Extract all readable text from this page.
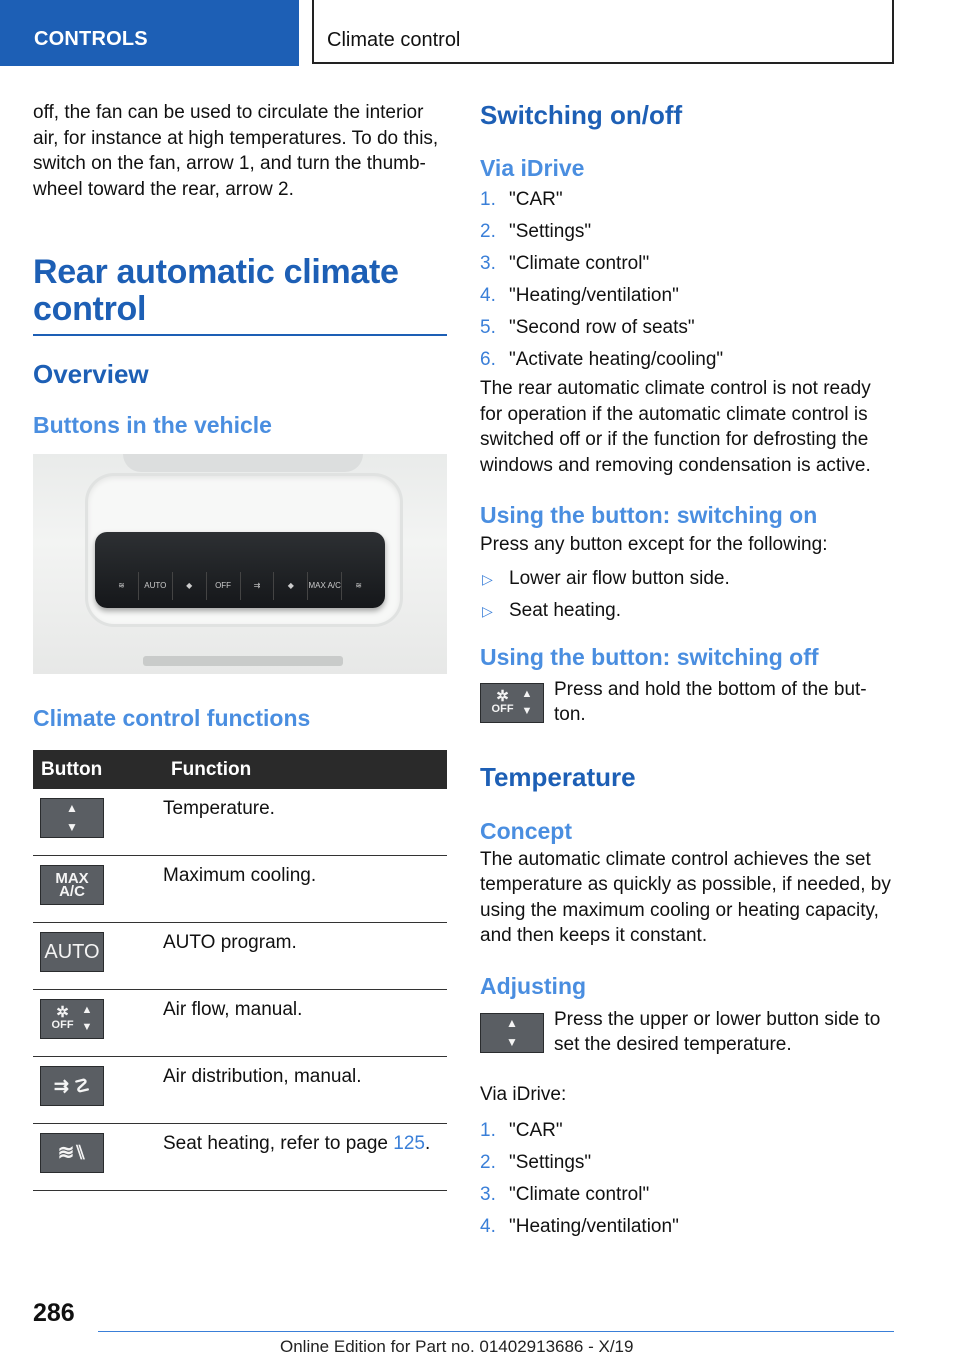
CONTROLS	Climate control

off, the fan can be used to circulate the interior air, for instance at high temperatures. To do this, switch on the fan, arrow 1, and turn the thumb‐wheel toward the rear, arrow 2.

Rear automatic climate control
Overview
Buttons in the vehicle
≋	AUTO	◆	OFF	⇉	◆	MAX A/C	≋
Climate control functions
Button	Function

▲
▼	Temperature.

MAX
A/C	Maximum cooling.

AUTO	AUTO program.

✲
OFF
▲
▼	Air flow, manual.

⇉ ☡	Air distribution, manual.

≋⑊	Seat heating, refer to page 125.
Switching on/off
Via iDrive
1. "CAR"
2. "Settings"
3. "Climate control"
4. "Heating/ventilation"
5. "Second row of seats"
6. "Activate heating/cooling"

The rear automatic climate control is not ready for operation if the automatic climate control is switched off or if the function for defrosting the windows and removing condensation is active.

Using the button: switching on

Press any button except for the following:

▷ Lower air flow button side.
▷ Seat heating.
Using the button: switching off
✲
OFF
▲
▼

Press and hold the bottom of the but‐ton.

Temperature
Concept

The automatic climate control achieves the set temperature as quickly as possible, if needed, by using the maximum cooling or heating capacity, and then keeps it constant.

Adjusting
▲
▼

Press the upper or lower button side to set the desired temperature.

Via iDrive:

1. "CAR"
2. "Settings"
3. "Climate control"
4. "Heating/ventilation"
286
Online Edition for Part no. 01402913686 - X/19
